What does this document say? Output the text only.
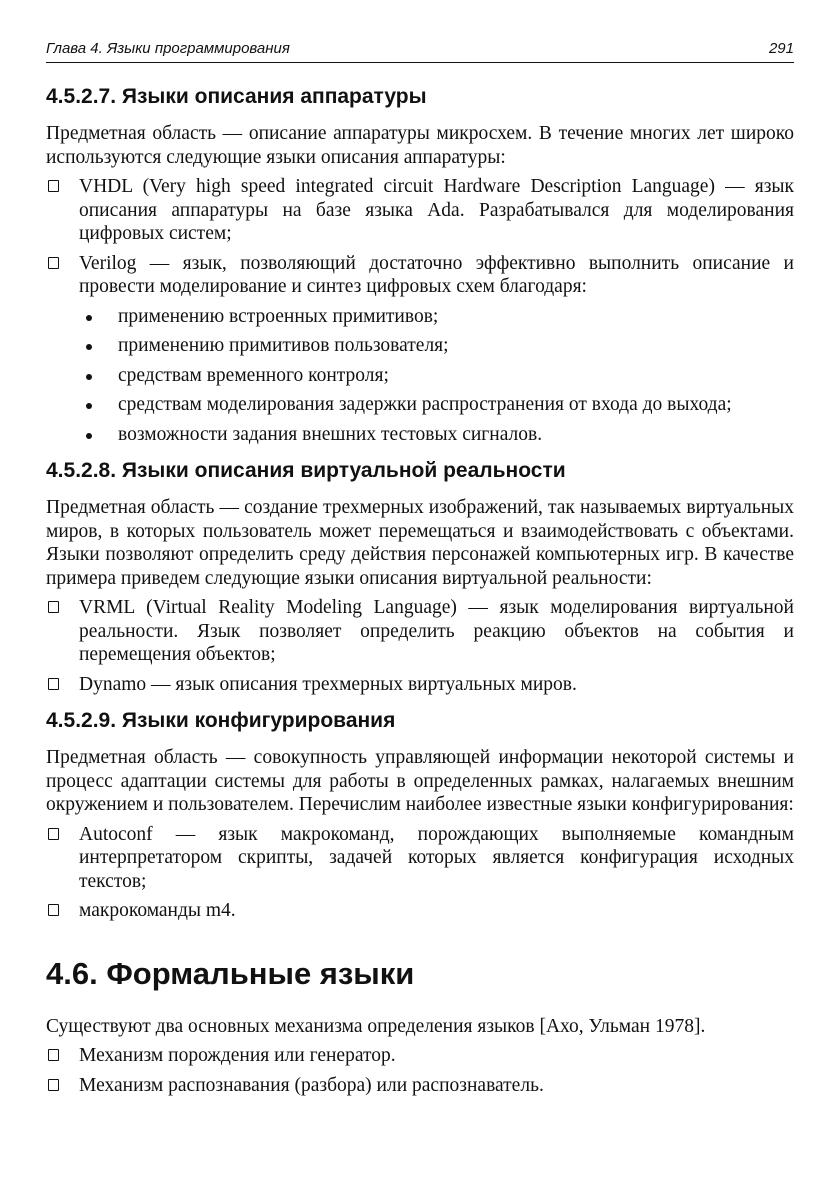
Глава 4. Языки программирования	291
4.5.2.7. Языки описания аппаратуры

Предметная область — описание аппаратуры микросхем. В течение многих лет широко используются следующие языки описания аппаратуры:

VHDL (Very high speed integrated circuit Hardware Description Language) — язык описания аппаратуры на базе языка Ada. Разрабатывался для моделирования цифровых систем;
Verilog — язык, позволяющий достаточно эффективно выполнить описание и провести моделирование и синтез цифровых схем благодаря:
применению встроенных примитивов;
применению примитивов пользователя;
средствам временного контроля;
средствам моделирования задержки распространения от входа до выхода;
возможности задания внешних тестовых сигналов.
4.5.2.8. Языки описания виртуальной реальности

Предметная область — создание трехмерных изображений, так называемых виртуальных миров, в которых пользователь может перемещаться и взаимодействовать с объектами. Языки позволяют определить среду действия персонажей компьютерных игр. В качестве примера приведем следующие языки описания виртуальной реальности:

VRML (Virtual Reality Modeling Language) — язык моделирования виртуальной реальности. Язык позволяет определить реакцию объектов на события и перемещения объектов;
Dynamo — язык описания трехмерных виртуальных миров.
4.5.2.9. Языки конфигурирования

Предметная область — совокупность управляющей информации некоторой системы и процесс адаптации системы для работы в определенных рамках, налагаемых внешним окружением и пользователем. Перечислим наиболее известные языки конфигурирования:

Autoconf — язык макрокоманд, порождающих выполняемые командным интерпретатором скрипты, задачей которых является конфигурация исходных текстов;
макрокоманды m4.
4.6. Формальные языки

Существуют два основных механизма определения языков [Ахо, Ульман 1978].

Механизм порождения или генератор.
Механизм распознавания (разбора) или распознаватель.
